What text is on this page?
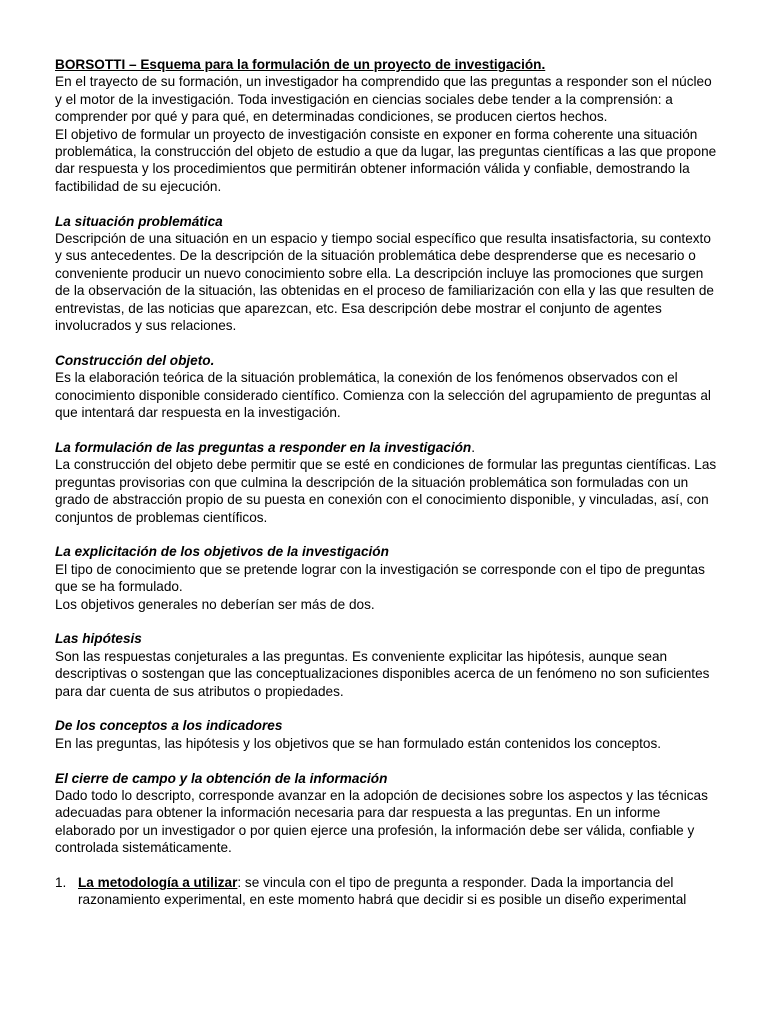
BORSOTTI – Esquema para la formulación de un proyecto de investigación.

En el trayecto de su formación, un investigador ha comprendido que las preguntas a responder son el núcleo y el motor de la investigación. Toda investigación en ciencias sociales debe tender a la comprensión: a comprender por qué y para qué, en determinadas condiciones, se producen ciertos hechos.

El objetivo de formular un proyecto de investigación consiste en exponer en forma coherente una situación problemática, la construcción del objeto de estudio a que da lugar, las preguntas científicas a las que propone dar respuesta y los procedimientos que permitirán obtener información válida y confiable, demostrando la factibilidad de su ejecución.

La situación problemática

Descripción de una situación en un espacio y tiempo social específico que resulta insatisfactoria, su contexto y sus antecedentes. De la descripción de la situación problemática debe desprenderse que es necesario o conveniente producir un nuevo conocimiento sobre ella. La descripción incluye las promociones que surgen de la observación de la situación, las obtenidas en el proceso de familiarización con ella y las que resulten de entrevistas, de las noticias que aparezcan, etc. Esa descripción debe mostrar el conjunto de agentes involucrados y sus relaciones.

Construcción del objeto.

Es la elaboración teórica de la situación problemática, la conexión de los fenómenos observados con el conocimiento disponible considerado científico. Comienza con la selección del agrupamiento de preguntas al que intentará dar respuesta en la investigación.

La formulación de las preguntas a responder en la investigación.

La construcción del objeto debe permitir que se esté en condiciones de formular las preguntas científicas. Las preguntas provisorias con que culmina la descripción de la situación problemática son formuladas con un grado de abstracción propio de su puesta en conexión con el conocimiento disponible, y vinculadas, así, con conjuntos de problemas científicos.

La explicitación de los objetivos de la investigación

El tipo de conocimiento que se pretende lograr con la investigación se corresponde con el tipo de preguntas que se ha formulado.

Los objetivos generales no deberían ser más de dos.

Las hipótesis

Son las respuestas conjeturales a las preguntas. Es conveniente explicitar las hipótesis, aunque sean descriptivas o sostengan que las conceptualizaciones disponibles acerca de un fenómeno no son suficientes para dar cuenta de sus atributos o propiedades.

De los conceptos a los indicadores

En las preguntas, las hipótesis y los objetivos que se han formulado están contenidos los conceptos.

El cierre de campo y la obtención de la información

Dado todo lo descripto, corresponde avanzar en la adopción de decisiones sobre los aspectos y las técnicas adecuadas para obtener la información necesaria para dar respuesta a las preguntas. En un informe elaborado por un investigador o por quien ejerce una profesión, la información debe ser válida, confiable y controlada sistemáticamente.

1. La metodología a utilizar: se vincula con el tipo de pregunta a responder. Dada la importancia del razonamiento experimental, en este momento habrá que decidir si es posible un diseño experimental
